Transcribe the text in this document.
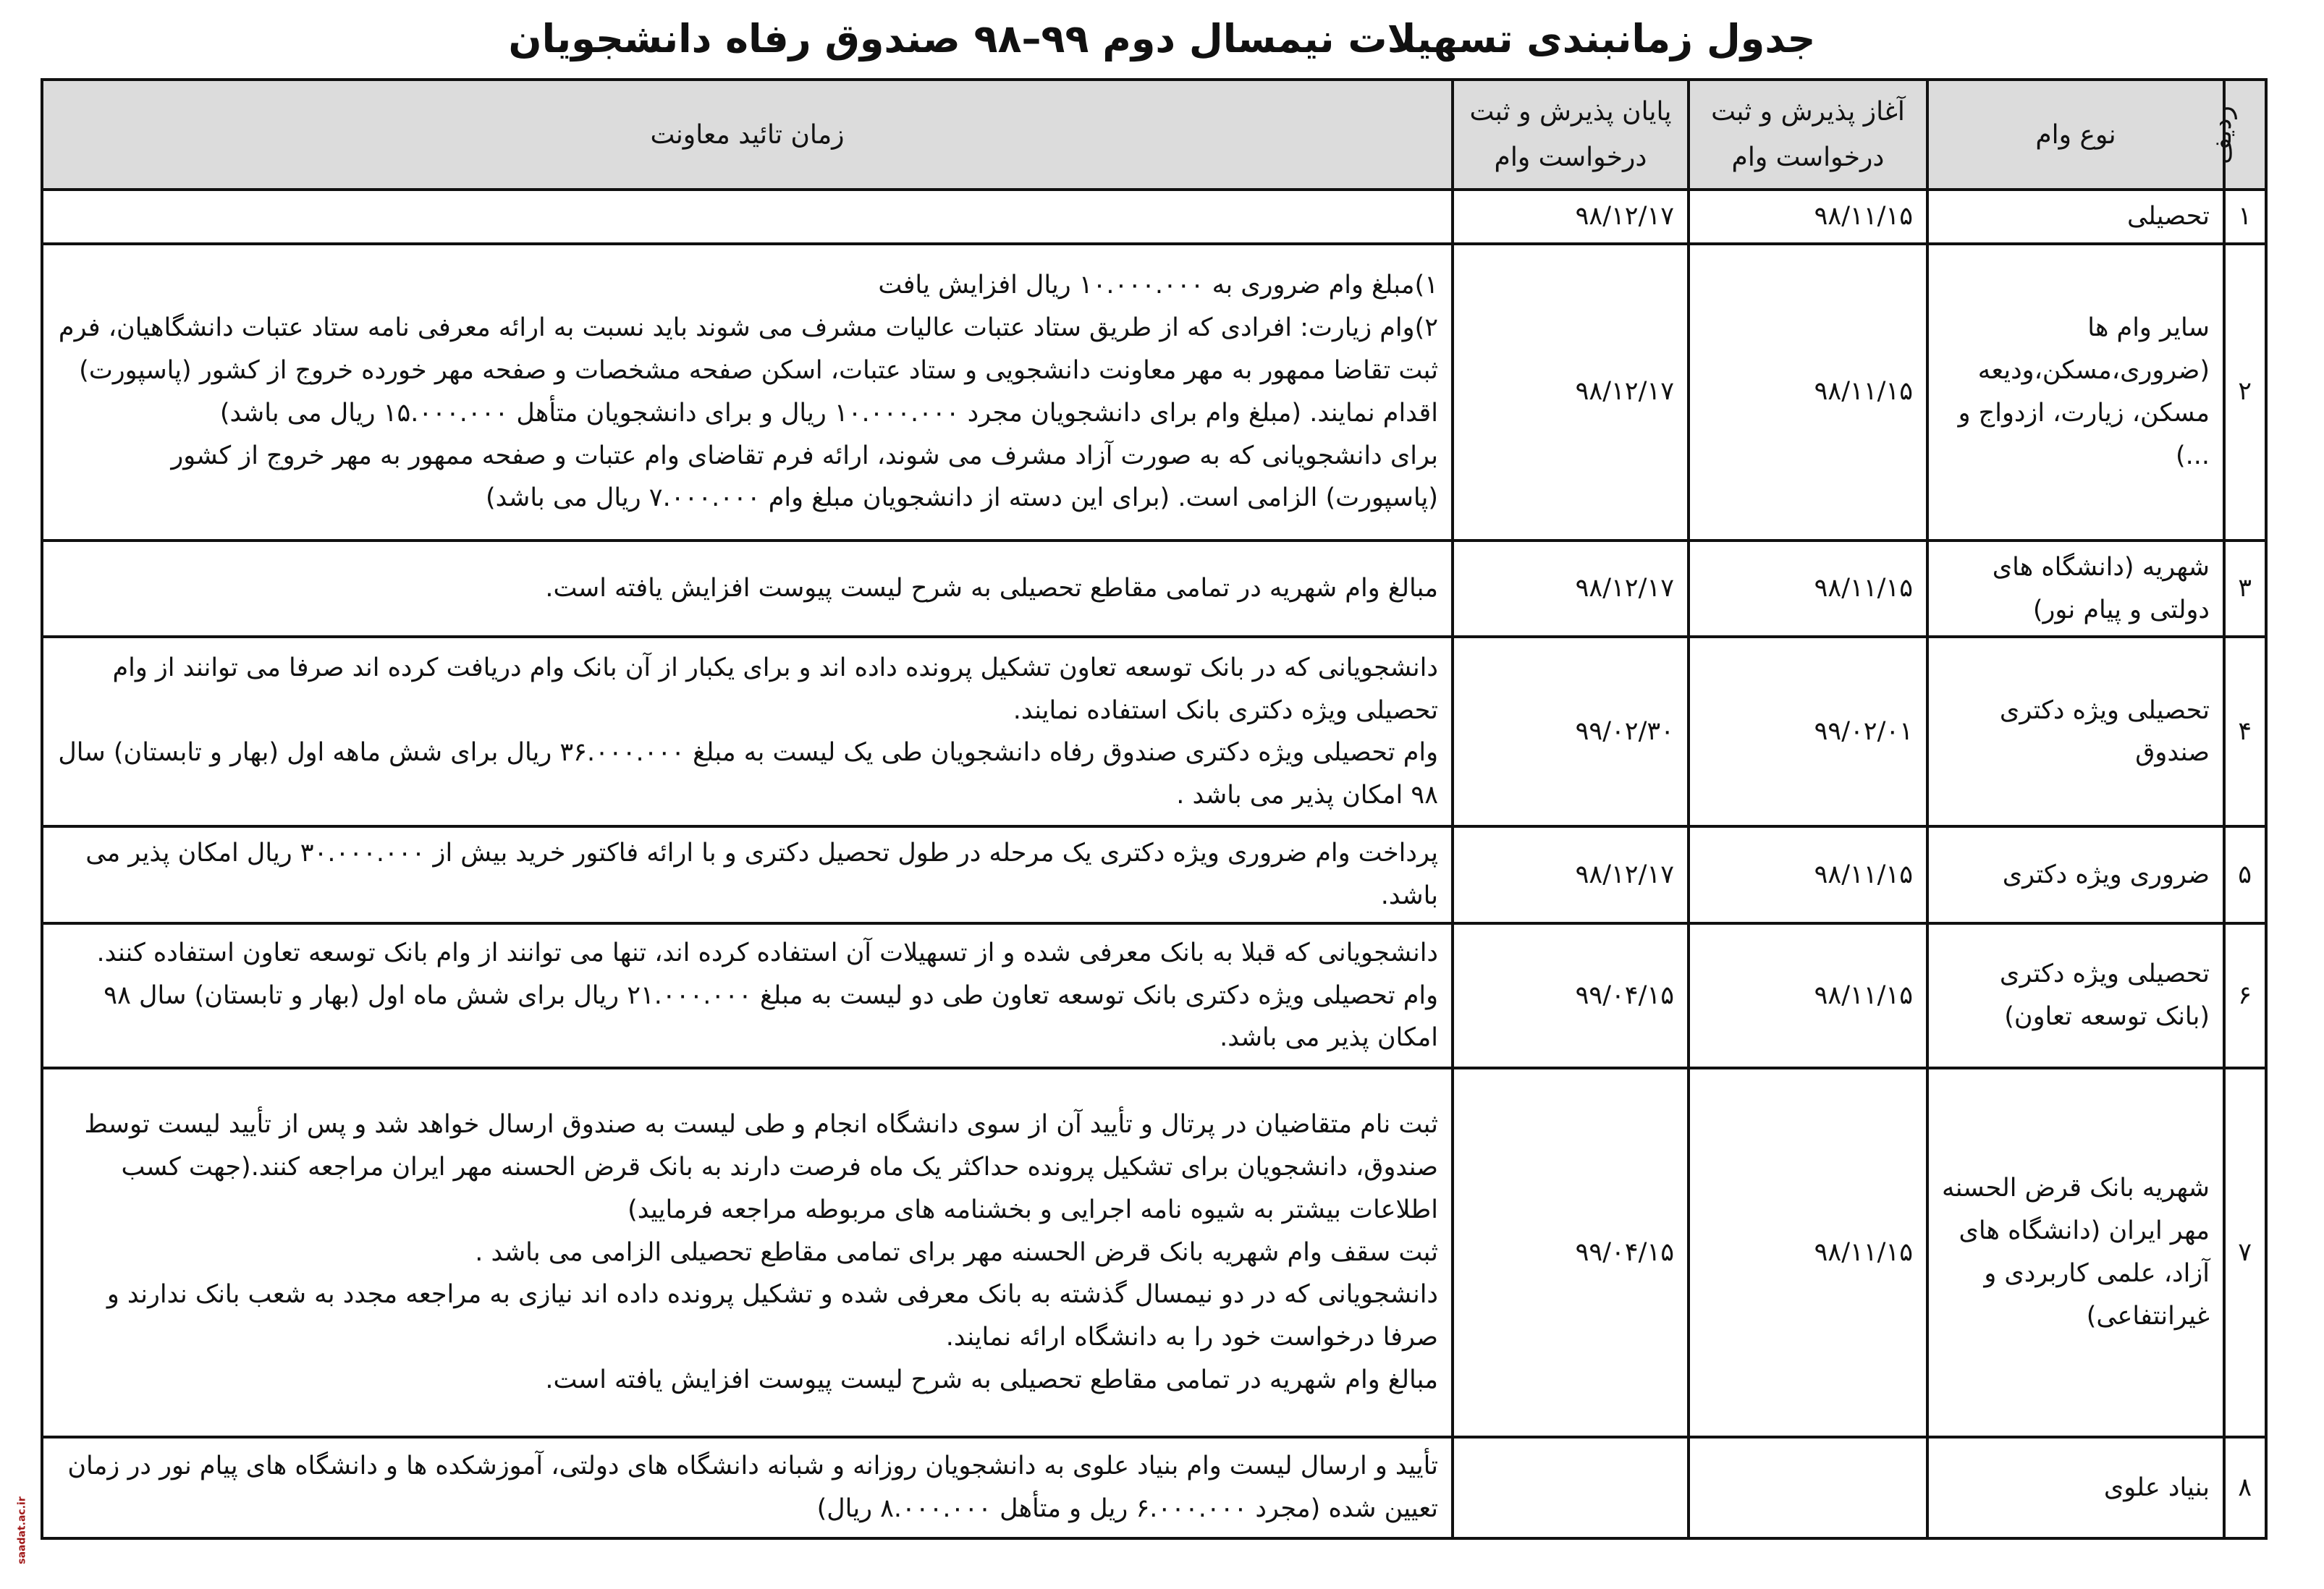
جدول زمانبندی تسهیلات نیمسال دوم ۹۹–۹۸ صندوق رفاه دانشجویان
ردیف	نوع وام	آغاز پذیرش و ثبت درخواست وام	پایان پذیرش و ثبت درخواست وام	زمان تائید معاونت
۱	تحصیلی	۹۸/۱۱/۱۵	۹۸/۱۲/۱۷	
۲	سایر وام ها (ضروری،مسکن،ودیعه مسکن، زیارت، ازدواج و ...)	۹۸/۱۱/۱۵	۹۸/۱۲/۱۷	۱)مبلغ وام ضروری به ۱۰.۰۰۰.۰۰۰ ریال افزایش یافت

۲)وام زیارت: افرادی که از طریق ستاد عتبات عالیات مشرف می شوند باید نسبت به ارائه معرفی نامه ستاد عتبات دانشگاهیان، فرم ثبت تقاضا ممهور به مهر معاونت دانشجویی و ستاد عتبات، اسکن صفحه مشخصات و صفحه مهر خورده خروج از کشور (پاسپورت) اقدام نمایند. (مبلغ وام برای دانشجویان مجرد ۱۰.۰۰۰.۰۰۰ ریال و برای دانشجویان متأهل ۱۵.۰۰۰.۰۰۰ ریال می باشد)

برای دانشجویانی که به صورت آزاد مشرف می شوند، ارائه فرم تقاضای وام عتبات و صفحه ممهور به مهر خروج از کشور (پاسپورت) الزامی است. (برای این دسته از دانشجویان مبلغ وام ۷.۰۰۰.۰۰۰ ریال می باشد)

۳	شهریه (دانشگاه های دولتی و پیام نور)	۹۸/۱۱/۱۵	۹۸/۱۲/۱۷	مبالغ وام شهریه در تمامی مقاطع تحصیلی به شرح لیست پیوست افزایش یافته است.

۴	تحصیلی ویژه دکتری صندوق	۹۹/۰۲/۰۱	۹۹/۰۲/۳۰	دانشجویانی که در بانک توسعه تعاون تشکیل پرونده داده اند و برای یکبار از آن بانک وام دریافت کرده اند صرفا می توانند از وام تحصیلی ویژه دکتری بانک استفاده نمایند.

وام تحصیلی ویژه دکتری صندوق رفاه دانشجویان طی یک لیست به مبلغ ۳۶.۰۰۰.۰۰۰ ریال برای شش ماهه اول (بهار و تابستان) سال ۹۸ امکان پذیر می باشد .

۵	ضروری ویژه دکتری	۹۸/۱۱/۱۵	۹۸/۱۲/۱۷	پرداخت وام ضروری ویژه دکتری یک مرحله در طول تحصیل دکتری و با ارائه فاکتور خرید بیش از ۳۰.۰۰۰.۰۰۰ ریال امکان پذیر می باشد.

۶	تحصیلی ویژه دکتری (بانک توسعه تعاون)	۹۸/۱۱/۱۵	۹۹/۰۴/۱۵	دانشجویانی که قبلا به بانک معرفی شده و از تسهیلات آن استفاده کرده اند، تنها می توانند از وام بانک توسعه تعاون استفاده کنند.

وام تحصیلی ویژه دکتری بانک توسعه تعاون طی دو لیست به مبلغ ۲۱.۰۰۰.۰۰۰ ریال برای شش ماه اول (بهار و تابستان) سال ۹۸ امکان پذیر می باشد.

۷	شهریه بانک قرض الحسنه مهر ایران (دانشگاه های آزاد، علمی کاربردی و غیرانتفاعی)	۹۸/۱۱/۱۵	۹۹/۰۴/۱۵	ثبت نام متقاضیان در پرتال و تأیید آن از سوی دانشگاه انجام و طی لیست به صندوق ارسال خواهد شد و پس از تأیید لیست توسط صندوق، دانشجویان برای تشکیل پرونده حداکثر یک ماه فرصت دارند به بانک قرض الحسنه مهر ایران مراجعه کنند.(جهت کسب اطلاعات بیشتر به شیوه نامه اجرایی و بخشنامه های مربوطه مراجعه فرمایید)

ثبت سقف وام شهریه بانک قرض الحسنه مهر برای تمامی مقاطع تحصیلی الزامی می باشد .

دانشجویانی که در دو نیمسال گذشته به بانک معرفی شده و تشکیل پرونده داده اند نیازی به مراجعه مجدد به شعب بانک ندارند و صرفا درخواست خود را به دانشگاه ارائه نمایند.

مبالغ وام شهریه در تمامی مقاطع تحصیلی به شرح لیست پیوست افزایش یافته است.

۸	بنیاد علوی			تأیید و ارسال لیست وام بنیاد علوی به دانشجویان روزانه و شبانه دانشگاه های دولتی، آموزشکده ها و دانشگاه های پیام نور در زمان تعیین شده (مجرد ۶.۰۰۰.۰۰۰ ریل و متأهل ۸.۰۰۰.۰۰۰ ریال)

saadat.ac.ir
